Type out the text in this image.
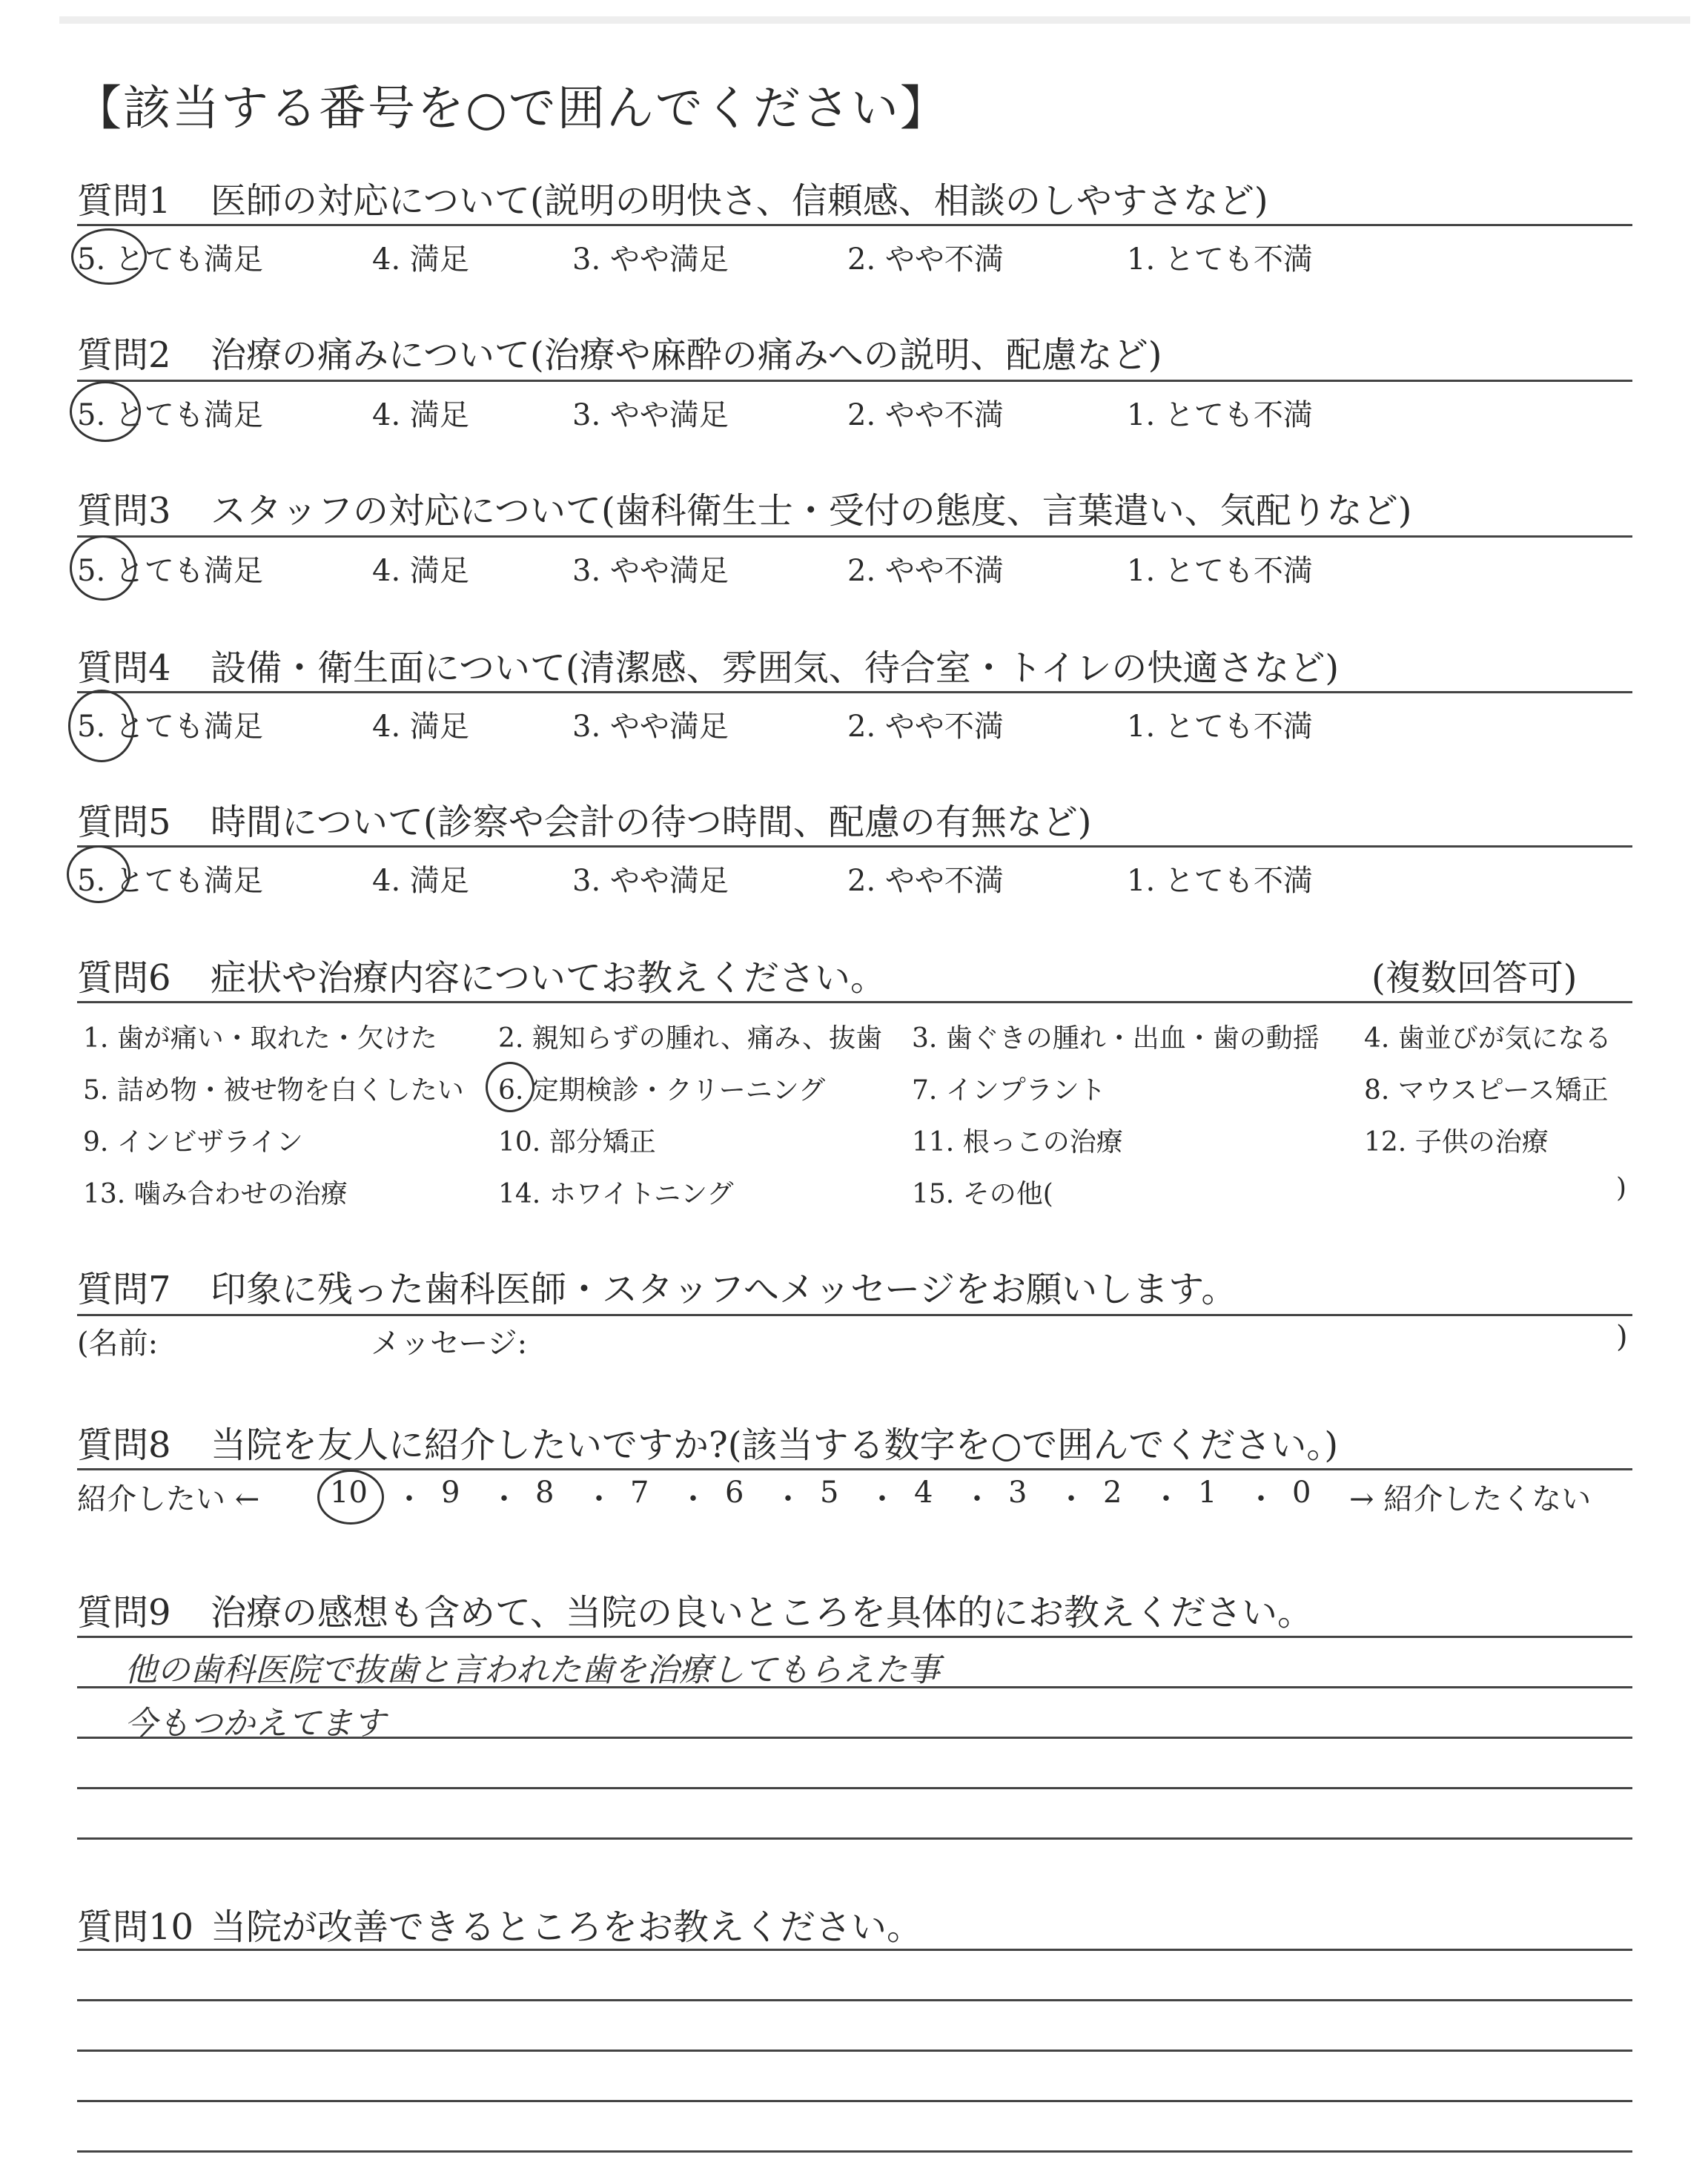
【該当する番号を○で囲んでください】
質問1 医師の対応について(説明の明快さ、信頼感、相談のしやすさなど)
5. とても満足	4. 満足	3. やや満足	2. やや不満	1. とても不満
質問2 治療の痛みについて(治療や麻酔の痛みへの説明、配慮など)
5. とても満足	4. 満足	3. やや満足	2. やや不満	1. とても不満
質問3 スタッフの対応について(歯科衛生士・受付の態度、言葉遣い、気配りなど)
5. とても満足	4. 満足	3. やや満足	2. やや不満	1. とても不満
質問4 設備・衛生面について(清潔感、雰囲気、待合室・トイレの快適さなど)
5. とても満足	4. 満足	3. やや満足	2. やや不満	1. とても不満
質問5 時間について(診察や会計の待つ時間、配慮の有無など)
5. とても満足	4. 満足	3. やや満足	2. やや不満	1. とても不満
質問6 症状や治療内容についてお教えください。	(複数回答可)
1. 歯が痛い・取れた・欠けた 2. 親知らずの腫れ、痛み、抜歯 3. 歯ぐきの腫れ・出血・歯の動揺 4. 歯並びが気になる
5. 詰め物・被せ物を白くしたい 6. 定期検診・クリーニング	7. インプラント	8. マウスピース矯正
9. インビザライン	10. 部分矯正	11. 根っこの治療	12. 子供の治療
13. 噛み合わせの治療	14. ホワイトニング	15. その他(	)
質問7 印象に残った歯科医師・スタッフへメッセージをお願いします。
(名前:	メッセージ:	)
質問8 当院を友人に紹介したいですか?(該当する数字を○で囲んでください。)
紹介したい ← 10 ・ 9 ・ 8 ・ 7 ・ 6 ・ 5 ・ 4 ・ 3 ・ 2 ・ 1 ・ 0 → 紹介したくない
質問9 治療の感想も含めて、当院の良いところを具体的にお教えください。
他の歯科医院で抜歯と言われた歯を治療してもらえた事
今もつかえてます
質問10 当院が改善できるところをお教えください。
